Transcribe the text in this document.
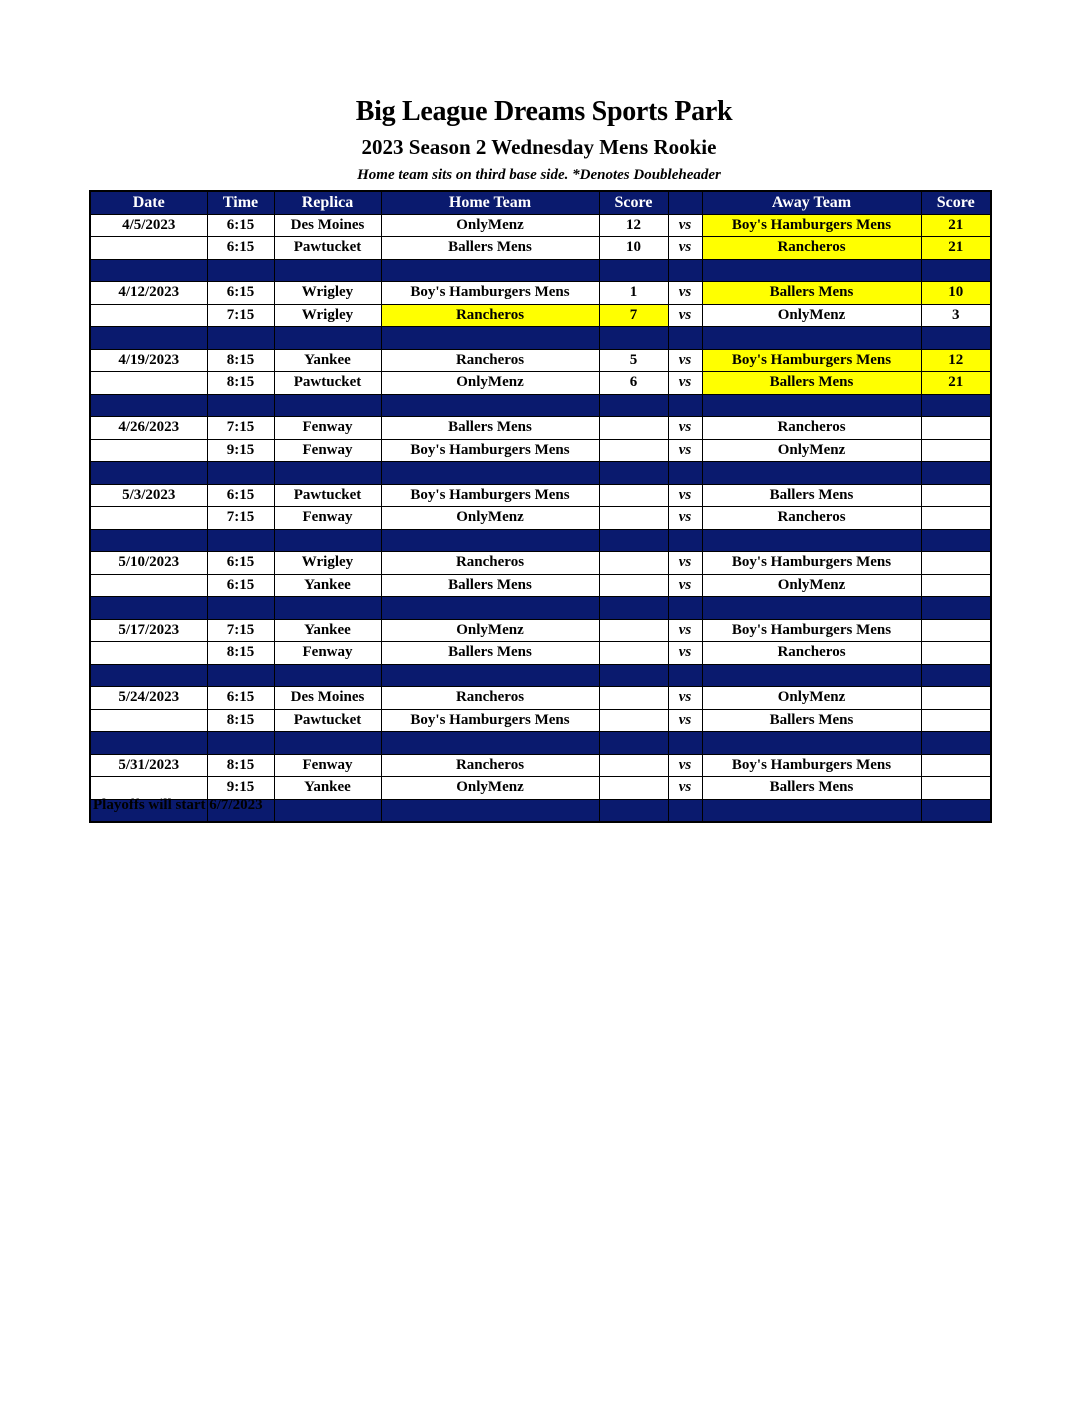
Big League Dreams Sports Park
2023 Season 2 Wednesday Mens Rookie
Home team sits on third base side. *Denotes Doubleheader
Date	Time	Replica	Home Team	Score		Away Team	Score
4/5/2023	6:15	Des Moines	OnlyMenz	12	vs	Boy's Hamburgers Mens	21
	6:15	Pawtucket	Ballers Mens	10	vs	Rancheros	21

4/12/2023	6:15	Wrigley	Boy's Hamburgers Mens	1	vs	Ballers Mens	10
	7:15	Wrigley	Rancheros	7	vs	OnlyMenz	3

4/19/2023	8:15	Yankee	Rancheros	5	vs	Boy's Hamburgers Mens	12
	8:15	Pawtucket	OnlyMenz	6	vs	Ballers Mens	21

4/26/2023	7:15	Fenway	Ballers Mens		vs	Rancheros	
	9:15	Fenway	Boy's Hamburgers Mens		vs	OnlyMenz	

5/3/2023	6:15	Pawtucket	Boy's Hamburgers Mens		vs	Ballers Mens	
	7:15	Fenway	OnlyMenz		vs	Rancheros	

5/10/2023	6:15	Wrigley	Rancheros		vs	Boy's Hamburgers Mens	
	6:15	Yankee	Ballers Mens		vs	OnlyMenz	

5/17/2023	7:15	Yankee	OnlyMenz		vs	Boy's Hamburgers Mens	
	8:15	Fenway	Ballers Mens		vs	Rancheros	

5/24/2023	6:15	Des Moines	Rancheros		vs	OnlyMenz	
	8:15	Pawtucket	Boy's Hamburgers Mens		vs	Ballers Mens	

5/31/2023	8:15	Fenway	Rancheros		vs	Boy's Hamburgers Mens	
	9:15	Yankee	OnlyMenz		vs	Ballers Mens	

Playoffs will start 6/7/2023
